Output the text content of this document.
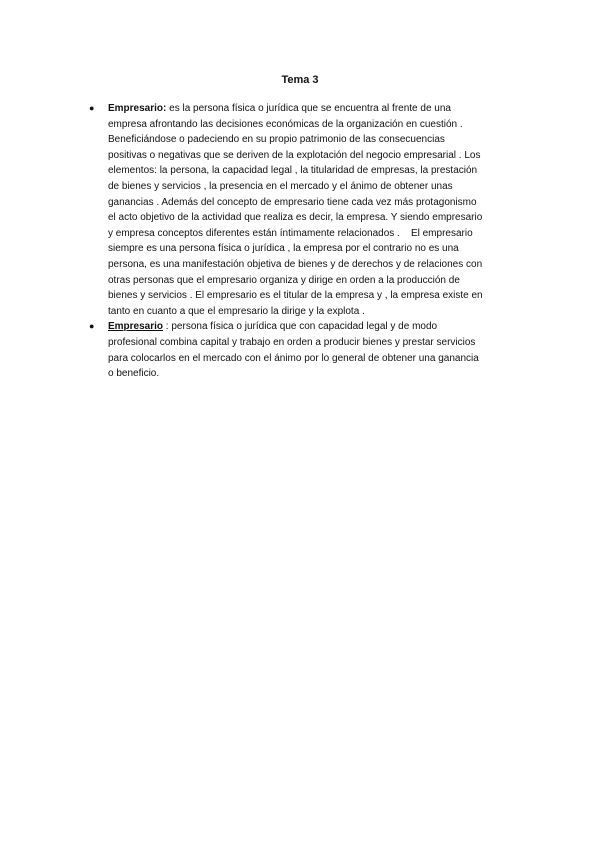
Tema 3
● Empresario: es la persona física o jurídica que se encuentra al frente de una
empresa afrontando las decisiones económicas de la organización en cuestión .
Beneficiándose o padeciendo en su propio patrimonio de las consecuencias
positivas o negativas que se deriven de la explotación del negocio empresarial . Los
elementos: la persona, la capacidad legal , la titularidad de empresas, la prestación
de bienes y servicios , la presencia en el mercado y el ánimo de obtener unas
ganancias . Además del concepto de empresario tiene cada vez más protagonismo
el acto objetivo de la actividad que realiza es decir, la empresa. Y siendo empresario
y empresa conceptos diferentes están íntimamente relacionados .    El empresario
siempre es una persona física o jurídica , la empresa por el contrario no es una
persona, es una manifestación objetiva de bienes y de derechos y de relaciones con
otras personas que el empresario organiza y dirige en orden a la producción de
bienes y servicios . El empresario es el titular de la empresa y , la empresa existe en
tanto en cuanto a que el empresario la dirige y la explota .
● Empresario : persona física o jurídica que con capacidad legal y de modo
profesional combina capital y trabajo en orden a producir bienes y prestar servicios
para colocarlos en el mercado con el ánimo por lo general de obtener una ganancia
o beneficio.
